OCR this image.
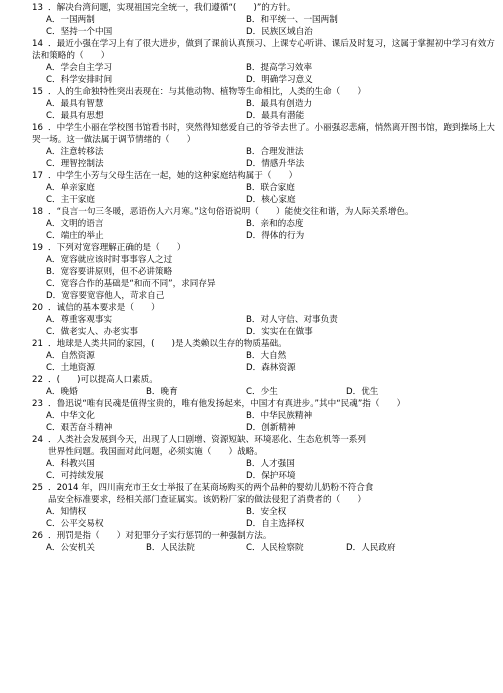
13 ．解决台湾问题，实现祖国完全统一，我们遵循“(　　)”的方针。
A．一国两制	B．和平统一、一国两制
C．坚持一个中国	D．民族区域自治
14 ．最近小强在学习上有了很大进步，做到了课前认真预习、上课专心听讲、课后及时复习，这属于掌握初中学习有效方法和策略的（　　）
A．学会自主学习	B．提高学习效率
C．科学安排时间	D．明确学习意义
15 ．人的生命独特性突出表现在：与其他动物、植物等生命相比，人类的生命（　　）
A．最具有智慧	B．最具有创造力
C．最具有思想	D．最具有潜能
16 ．中学生小丽在学校图书馆看书时，突然得知慈爱自己的爷爷去世了。小丽强忍悲痛，悄然离开图书馆，跑到操场上大哭一场。这一做法属于调节情绪的（　　）
A．注意转移法	B．合理发泄法
C．理智控制法	D．情感升华法
17 ．中学生小芳与父母生活在一起，她的这种家庭结构属于（　　）
A．单亲家庭	B．联合家庭
C．主干家庭	D．核心家庭
18 ．“良言一句三冬暖，恶语伤人六月寒。”这句俗语说明（　　）能使交往和谐，为人际关系增色。
A．文明的语言	B．亲和的态度
C．端庄的举止	D．得体的行为
19 ．下列对宽容理解正确的是（　　）
A．宽容就应该时时事事容人之过
B．宽容要讲原则，但不必讲策略
C．宽容合作的基础是“和而不同”，求同存异
D．宽容要宽容他人，苛求自己
20 ．诚信的基本要求是（　　）
A．尊重客观事实	B．对人守信、对事负责
C．做老实人、办老实事	D．实实在在做事
21 ．地球是人类共同的家园，(　　)是人类赖以生存的物质基础。
A．自然资源	B．大自然
C．土地资源	D．森林资源
22 ．(　　)可以提高人口素质。
A．晚婚	B．晚育	C．少生	D．优生
23 ．鲁迅说“唯有民魂是值得宝贵的，唯有他发扬起来，中国才有真进步。”其中“民魂”指（　　）
A．中华文化	B．中华民族精神
C．艰苦奋斗精神	D．创新精神
24 ．人类社会发展到今天，出现了人口剧增、资源短缺、环境恶化、生态危机等一系列
世界性问题。我国面对此问题，必须实施（　　）战略。
A．科教兴国	B．人才强国
C．可持续发展	D．保护环境
25 ．2014 年，四川南充市王女士举报了在某商场购买的两个品种的婴幼儿奶粉不符合食
品安全标准要求，经相关部门查证属实。该奶粉厂家的做法侵犯了消费者的（　　）
A．知情权	B．安全权
C．公平交易权	D．自主选择权
26 ．刑罚是指（　　）对犯罪分子实行惩罚的一种强制方法。
A．公安机关	B．人民法院	C．人民检察院	D．人民政府
